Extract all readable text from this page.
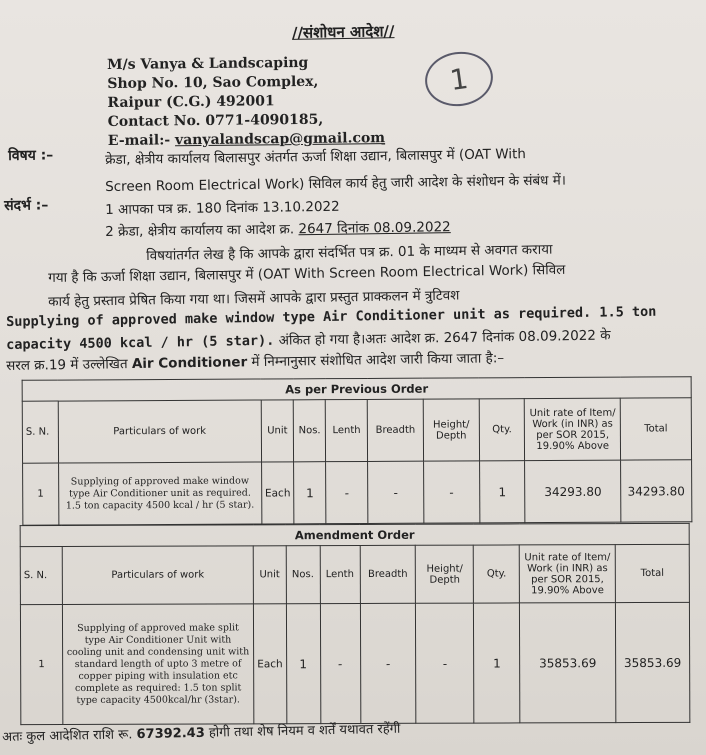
//संशोधन आदेश//
1
M/s Vanya & Landscaping
Shop No. 10, Sao Complex,
Raipur (C.G.) 492001
Contact No. 0771-4090185,
E-mail:- vanyalandscap@gmail.com
विषय :–	क्रेडा, क्षेत्रीय कार्यालय बिलासपुर अंतर्गत ऊर्जा शिक्षा उद्यान, बिलासपुर में (OAT With
Screen Room Electrical Work) सिविल कार्य हेतु जारी आदेश के संशोधन के संबंध में।
संदर्भ :–	1 आपका पत्र क्र. 180 दिनांक 13.10.2022
2 क्रेडा, क्षेत्रीय कार्यालय का आदेश क्र. 2647 दिनांक 08.09.2022
विषयांतर्गत लेख है कि आपके द्वारा संदर्भित पत्र क्र. 01 के माध्यम से अवगत कराया
गया है कि ऊर्जा शिक्षा उद्यान, बिलासपुर में (OAT With Screen Room Electrical Work) सिविल
कार्य हेतु प्रस्ताव प्रेषित किया गया था। जिसमें आपके द्वारा प्रस्तुत प्राक्कलन में त्रुटिवश
Supplying of approved make window type Air Conditioner unit as required. 1.5 ton
capacity 4500 kcal / hr (5 star). अंकित हो गया है।अतः आदेश क्र. 2647 दिनांक 08.09.2022 के
सरल क्र.19 में उल्लेखित Air Conditioner में निम्नानुसार संशोधित आदेश जारी किया जाता है:–
As per Previous Order									
S. N.	Particulars of work	Unit	Nos.	Lenth	Breadth	Height/ Depth	Qty.	Unit rate of Item/ Work (in INR) as per SOR 2015, 19.90% Above	Total
1	Supplying of approved make window type Air Conditioner unit as required. 1.5 ton capacity 4500 kcal / hr (5 star).	Each	1	-	-	-	1	34293.80	34293.80
Amendment Order									
S. N.	Particulars of work	Unit	Nos.	Lenth	Breadth	Height/ Depth	Qty.	Unit rate of Item/ Work (in INR) as per SOR 2015, 19.90% Above	Total
1	Supplying of approved make split type Air Conditioner Unit with cooling unit and condensing unit with standard length of upto 3 metre of copper piping with insulation etc complete as required: 1.5 ton split type capacity 4500kcal/hr (3star).	Each	1	-	-	-	1	35853.69	35853.69
अतः कुल आदेशित राशि रू. 67392.43 होगी तथा शेष नियम व शर्तें यथावत रहेंगी
